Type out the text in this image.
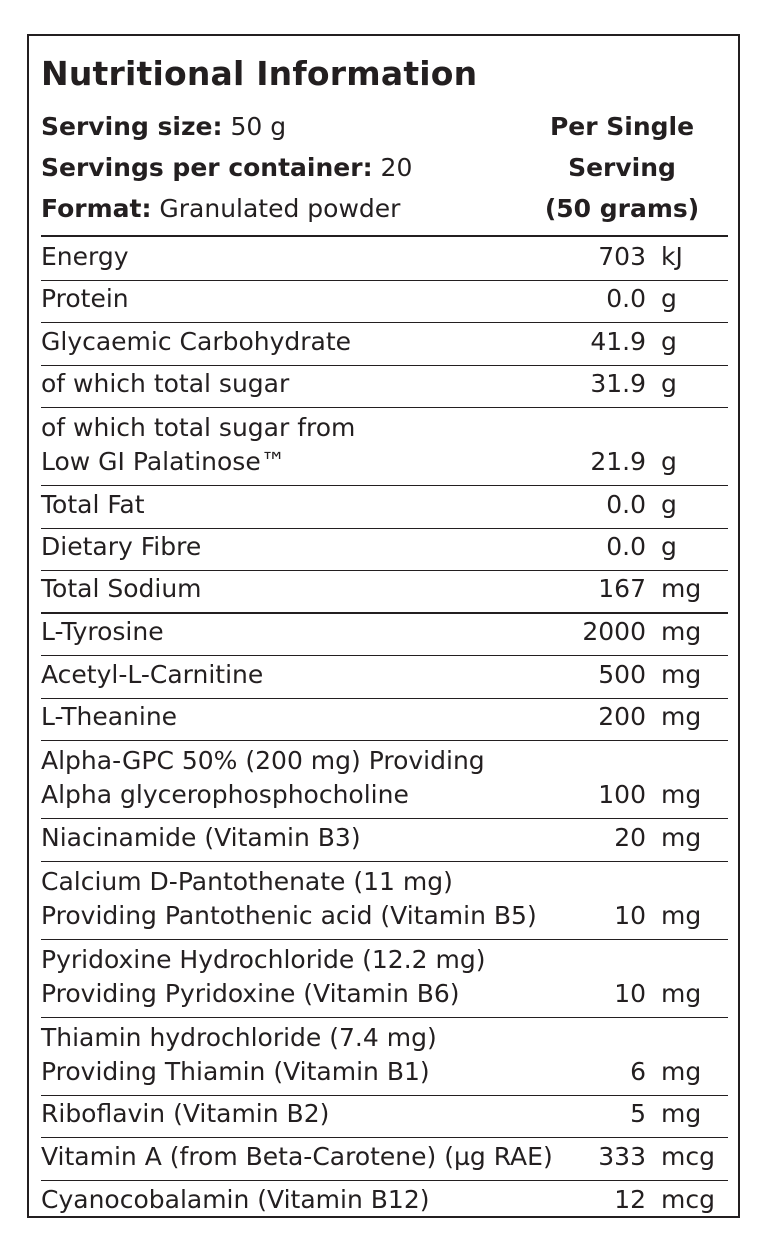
Nutritional Information
Serving size: 50 g
Servings per container: 20
Format: Granulated powder
Per Single
Serving
(50 grams)
Energy	703 kJ
Protein	0.0 g
Glycaemic Carbohydrate	41.9 g
of which total sugar	31.9 g
of which total sugar from
Low GI Palatinose™	21.9 g
Total Fat	0.0 g
Dietary Fibre	0.0 g
Total Sodium	167 mg
L-Tyrosine	2000 mg
Acetyl-L-Carnitine	500 mg
L-Theanine	200 mg
Alpha-GPC 50% (200 mg) Providing
Alpha glycerophosphocholine	100 mg
Niacinamide (Vitamin B3)	20 mg
Calcium D-Pantothenate (11 mg)
Providing Pantothenic acid (Vitamin B5)	10 mg
Pyridoxine Hydrochloride (12.2 mg)
Providing Pyridoxine (Vitamin B6)	10 mg
Thiamin hydrochloride (7.4 mg)
Providing Thiamin (Vitamin B1)	6 mg
Riboflavin (Vitamin B2)	5 mg
Vitamin A (from Beta-Carotene) (µg RAE) 333 mcg
Cyanocobalamin (Vitamin B12)	12 mcg
